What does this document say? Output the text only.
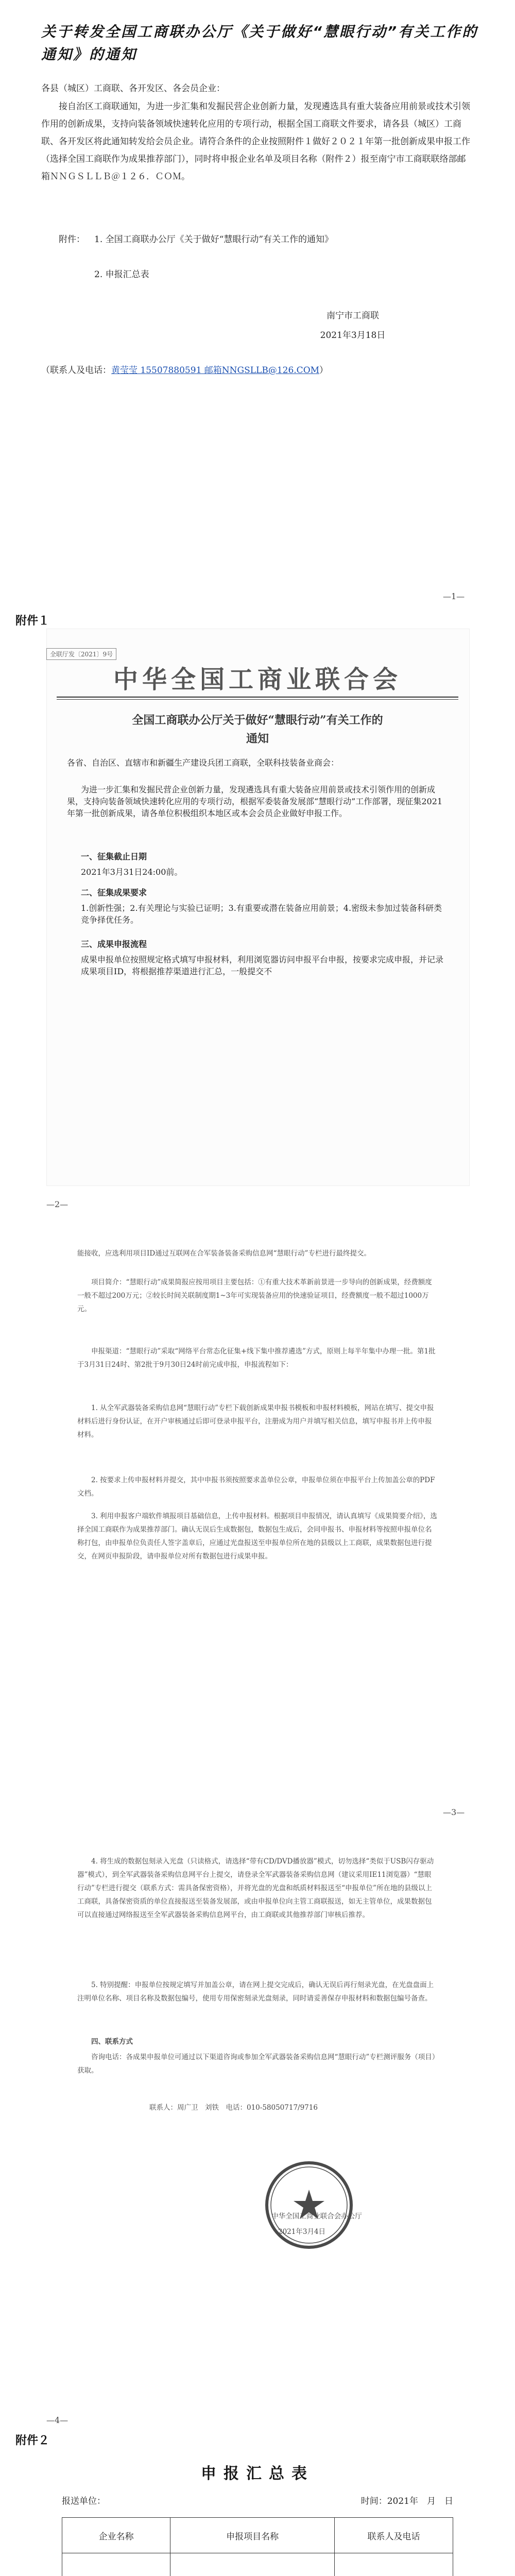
关于转发全国工商联办公厅《关于做好“慧眼行动”有关工作的通知》的通知
各县（城区）工商联、各开发区、各会员企业：
接自治区工商联通知，为进一步汇集和发掘民营企业创新力量，发现遴选具有重大装备应用前景或技术引领作用的创新成果，支持向装备领域快速转化应用的专项行动，根据全国工商联文件要求，请各县（城区）工商联、各开发区将此通知转发给会员企业。请符合条件的企业按照附件１做好２０２１年第一批创新成果申报工作（选择全国工商联作为成果推荐部门），同时将申报企业名单及项目名称（附件２）报至南宁市工商联联络部邮箱ＮＮＧＳＬＬＢ＠１２６．ＣＯＭ。
附件： 1. 全国工商联办公厅《关于做好“慧眼行动”有关工作的通知》
2. 申报汇总表
南宁市工商联
2021年3月18日
（联系人及电话：黄莹莹 15507880591 邮箱NNGSLLB@126.COM）
—1—
附件１
全联厅发〔2021〕9号
中华全国工商业联合会
全国工商联办公厅关于做好“慧眼行动”有关工作的通知
各省、自治区、直辖市和新疆生产建设兵团工商联，全联科技装备业商会：
为进一步汇集和发掘民营企业创新力量，发现遴选具有重大装备应用前景或技术引领作用的创新成果，支持向装备领域快速转化应用的专项行动，根据军委装备发展部“慧眼行动”工作部署，现征集2021年第一批创新成果，请各单位积极组织本地区或本会会员企业做好申报工作。
一、征集截止日期
2021年3月31日24:00前。
二、征集成果要求
1.创新性强；2.有关理论与实验已证明；3.有重要或潜在装备应用前景；4.密级未参加过装备科研类竞争择优任务。
三、成果申报流程
成果申报单位按照规定格式填写申报材料，利用浏览器访问申报平台申报，按要求完成申报，并记录成果项目ID，将根据推荐渠道进行汇总，一般提交不
—2—
能接收，应选利用项目ID通过互联网在合军装备装备采购信息网“慧眼行动”专栏进行最终提交。
项目简介：“慧眼行动”成果简报应按用项目主要包括：①有重大技术革新前景进一步导向的创新成果，经费额度一般不超过200万元；②较长时间关联制度期1~3年可实现装备应用的快速验证项目，经费额度一般不超过1000万元。
申报渠道：“慧眼行动”采取“网络平台常态化征集+线下集中推荐遴选”方式，原则上每半年集中办理一批。第1批于3月31日24时、第2批于9月30日24时前完成申报，申报流程如下：
1. 从全军武器装备采购信息网“慧眼行动”专栏下载创新成果申报书模板和申报材料模板，网站在填写、提交申报材料后进行身份认证，在开户审核通过后即可登录申报平台，注册成为用户并填写相关信息，填写申报书并上传申报材料。
2. 按要求上传申报材料并提交，其中申报书须按照要求盖单位公章，申报单位须在申报平台上传加盖公章的PDF文档。
3. 利用申报客户端软件填报项目基础信息，上传申报材料。根据项目申报情况，请认真填写《成果简要介绍》，选择全国工商联作为成果推荐部门。确认无误后生成数据包，数据包生成后，会同申报书、申报材料等按照申报单位名称打包，由申报单位负责任人签字盖章后，应通过光盘报送至申报单位所在地的县级以上工商联，成果数据包进行提交，在网页申报阶段，请申报单位对所有数据包进行成果申报。
—3—
4. 将生成的数据包刻录入光盘（只读格式，请选择“带有CD/DVD播放器”模式，切勿选择“类似于USB闪存驱动器”模式），到全军武器装备采购信息网平台上提交，请登录全军武器装备采购信息网（建议采用IE11浏览器）“慧眼行动”专栏进行提交（联系方式：需具备保密资格），并将光盘的光盘和纸质材料报送至“申报单位”所在地的县级以上工商联，具备保密资质的单位直接报送至装备发展部，或由申报单位向主管工商联报送，如无主管单位，成果数据包可以直接通过网络报送至全军武器装备采购信息网平台，由工商联或其他推荐部门审核后推荐。
5. 特别提醒：申报单位按规定填写并加盖公章，请在网上提交完成后，确认无误后再行刻录光盘，在光盘盘面上注明单位名称、项目名称及数据包编号，使用专用保密刻录光盘刻录，同时请妥善保存申报材料和数据包编号备查。
四、联系方式
咨询电话：各成果申报单位可通过以下渠道咨询或参加全军武器装备采购信息网“慧眼行动”专栏测评服务（项目）获取。
联系人：周广卫　刘铁　电话：010-58050717/9716
中华全国工商业联合会办公厅
2021年3月4日
—4—
附件２
申报汇总表
报送单位：	时间：2021年　月　日
企业名称	申报项目名称	联系人及电话
